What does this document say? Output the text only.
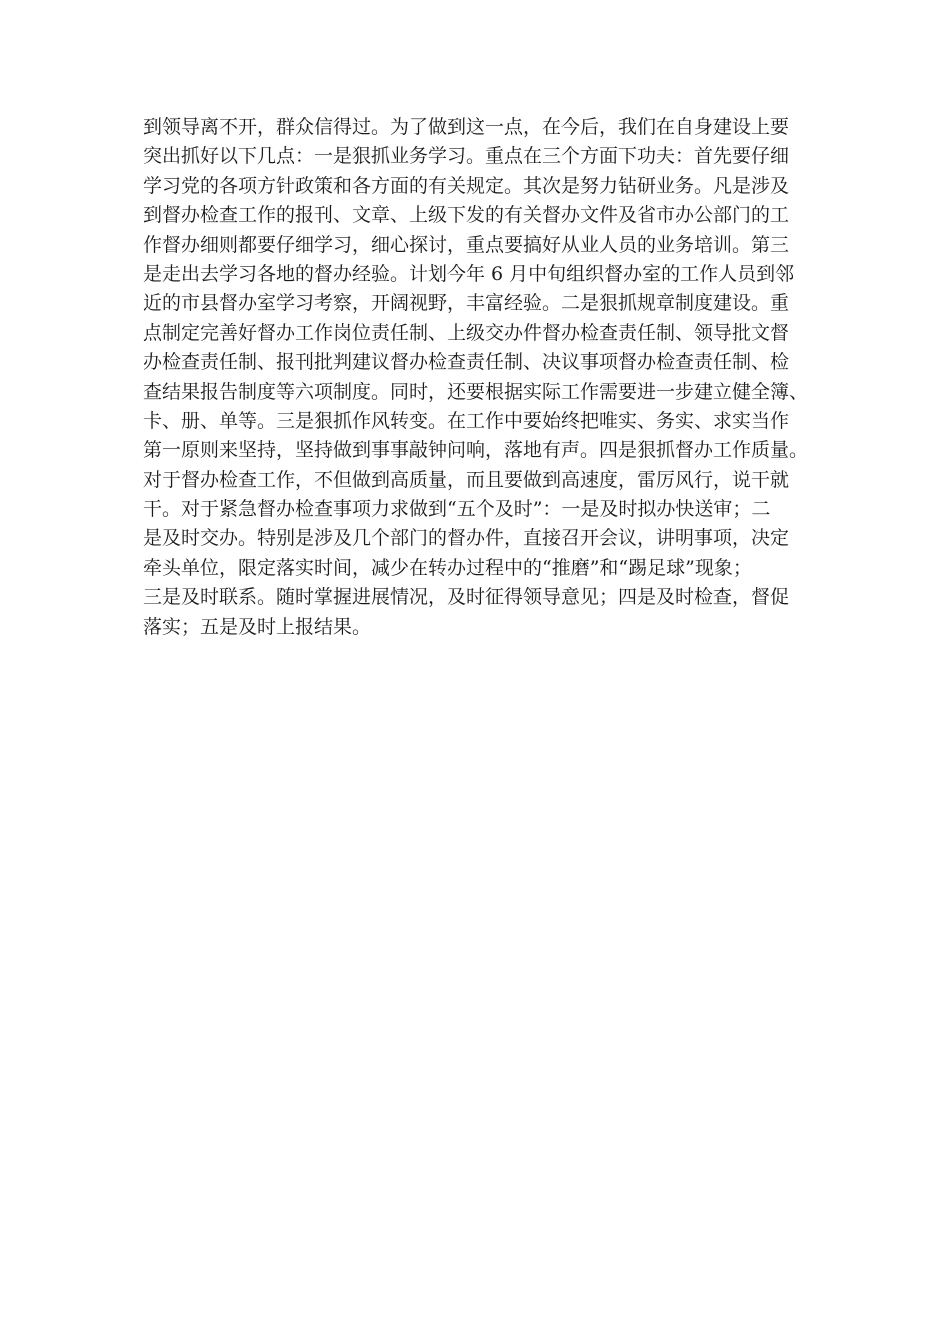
到领导离不开，群众信得过。为了做到这一点，在今后，我们在自身建设上要
突出抓好以下几点：一是狠抓业务学习。重点在三个方面下功夫：首先要仔细
学习党的各项方针政策和各方面的有关规定。其次是努力钻研业务。凡是涉及
到督办检查工作的报刊、文章、上级下发的有关督办文件及省市办公部门的工
作督办细则都要仔细学习，细心探讨，重点要搞好从业人员的业务培训。第三
是走出去学习各地的督办经验。计划今年 6 月中旬组织督办室的工作人员到邻
近的市县督办室学习考察，开阔视野，丰富经验。二是狠抓规章制度建设。重
点制定完善好督办工作岗位责任制、上级交办件督办检查责任制、领导批文督
办检查责任制、报刊批判建议督办检查责任制、决议事项督办检查责任制、检
查结果报告制度等六项制度。同时，还要根据实际工作需要进一步建立健全簿、
卡、册、单等。三是狠抓作风转变。在工作中要始终把唯实、务实、求实当作
第一原则来坚持，坚持做到事事敲钟问响，落地有声。四是狠抓督办工作质量。
对于督办检查工作，不但做到高质量，而且要做到高速度，雷厉风行，说干就
干。对于紧急督办检查事项力求做到“五个及时”：一是及时拟办快送审；二
是及时交办。特别是涉及几个部门的督办件，直接召开会议，讲明事项，决定
牵头单位，限定落实时间，减少在转办过程中的“推磨”和“踢足球”现象；
三是及时联系。随时掌握进展情况，及时征得领导意见；四是及时检查，督促
落实；五是及时上报结果。
